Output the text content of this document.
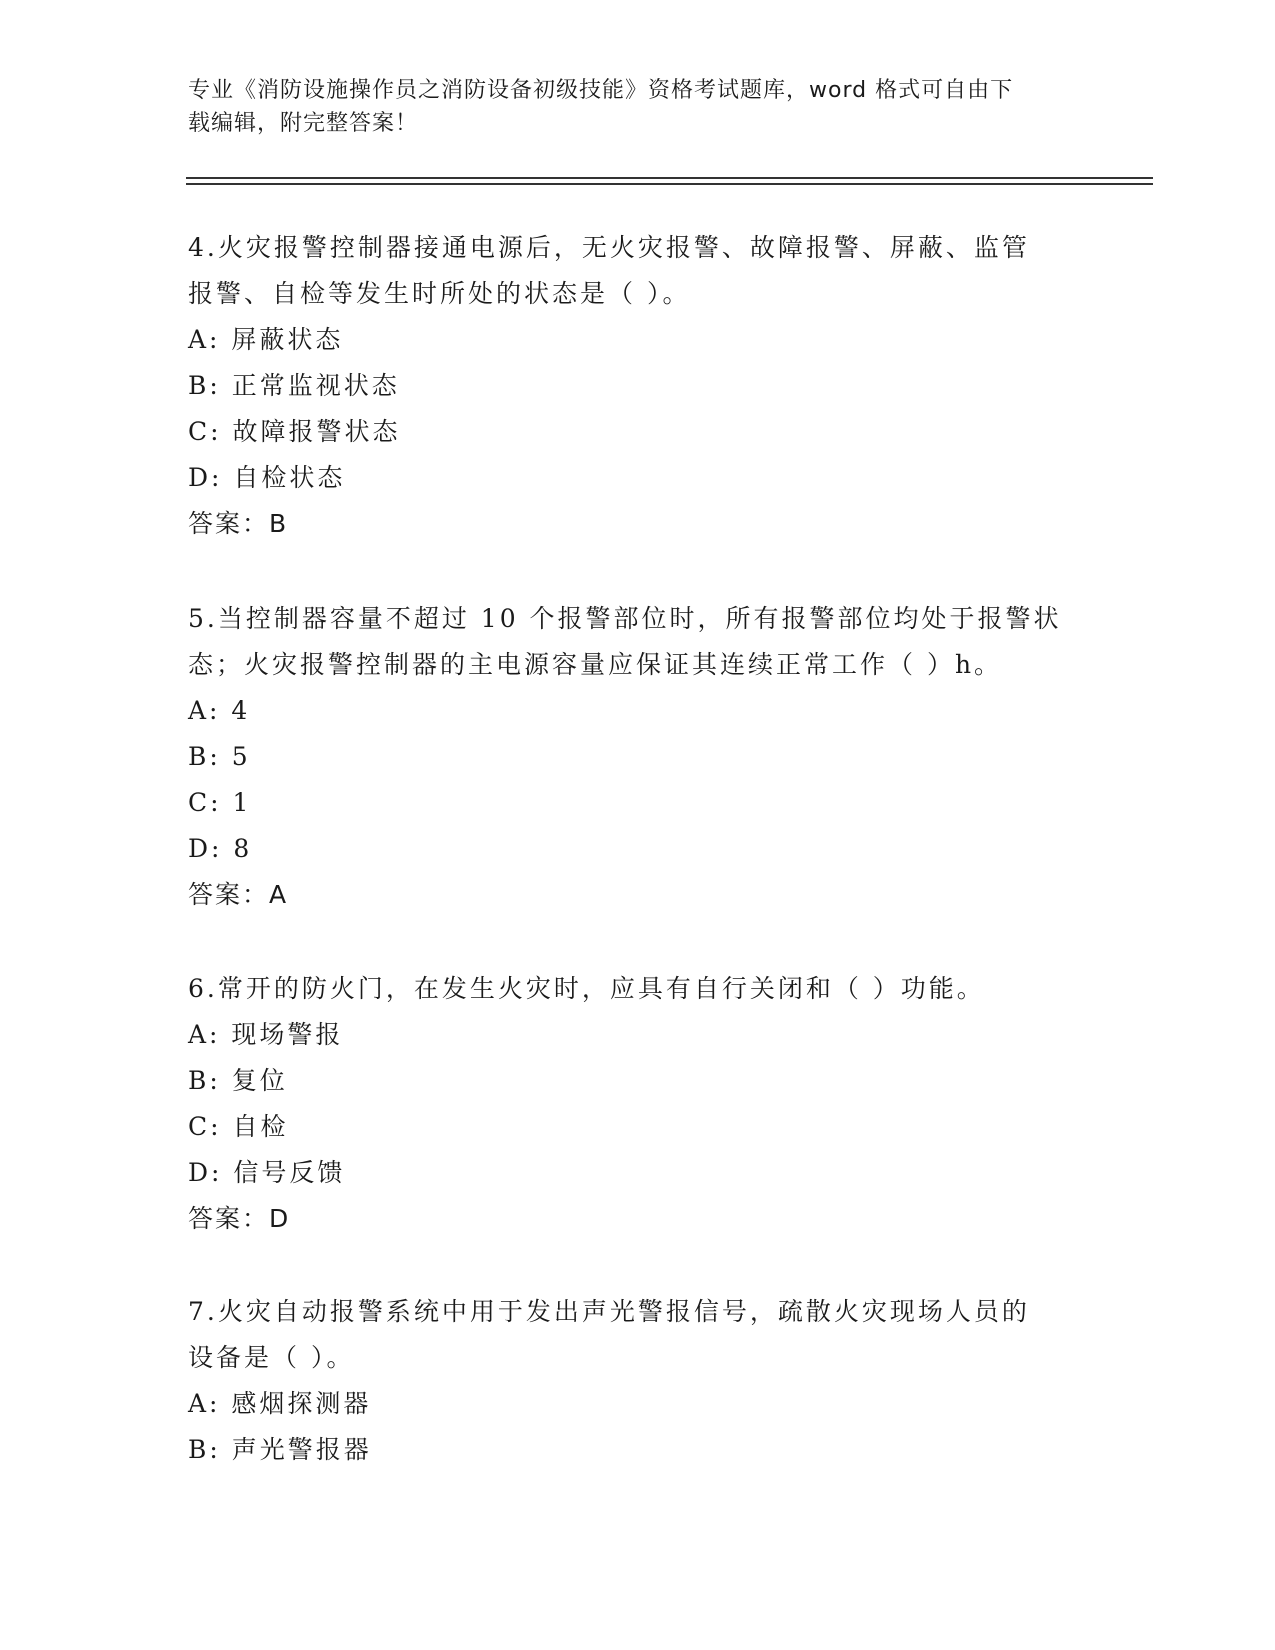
专业《消防设施操作员之消防设备初级技能》资格考试题库，word 格式可自由下
载编辑，附完整答案！
4.火灾报警控制器接通电源后，无火灾报警、故障报警、屏蔽、监管
报警、自检等发生时所处的状态是（ ）。
A: 屏蔽状态
B: 正常监视状态
C: 故障报警状态
D: 自检状态
答案：B
5.当控制器容量不超过 10 个报警部位时，所有报警部位均处于报警状
态；火灾报警控制器的主电源容量应保证其连续正常工作（ ）h。
A: 4
B: 5
C: 1
D: 8
答案：A
6.常开的防火门，在发生火灾时，应具有自行关闭和（ ）功能。
A: 现场警报
B: 复位
C: 自检
D: 信号反馈
答案：D
7.火灾自动报警系统中用于发出声光警报信号，疏散火灾现场人员的
设备是（ ）。
A: 感烟探测器
B: 声光警报器
